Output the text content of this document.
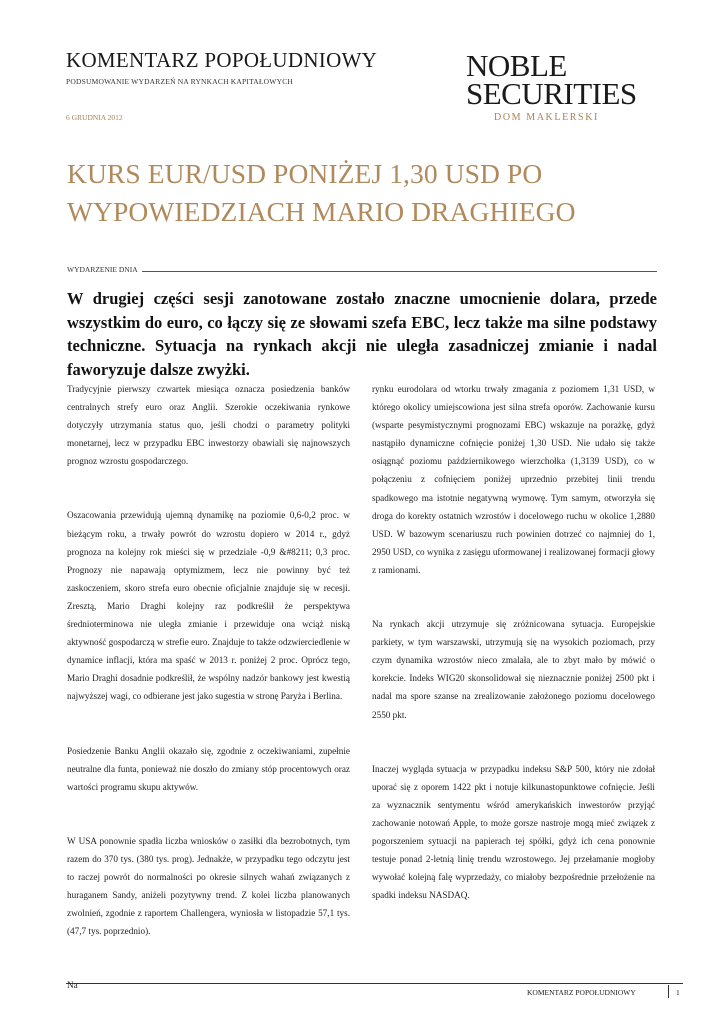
KOMENTARZ POPOŁUDNIOWY
PODSUMOWANIE WYDARZEŃ NA RYNKACH KAPITAŁOWYCH
6 GRUDNIA 2012
NOBLE
SECURITIES
DOM MAKLERSKI
KURS EUR/USD PONIŻEJ 1,30 USD PO
WYPOWIEDZIACH MARIO DRAGHIEGO
WYDARZENIE DNIA
W drugiej części sesji zanotowane zostało znaczne umocnienie dolara, przede wszystkim do euro, co łączy się ze słowami szefa EBC, lecz także ma silne podstawy techniczne. Sytuacja na rynkach akcji nie uległa zasadniczej zmianie i nadal faworyzuje dalsze zwyżki.

Tradycyjnie pierwszy czwartek miesiąca oznacza posiedzenia banków centralnych strefy euro oraz Anglii. Szerokie oczekiwania rynkowe dotyczyły utrzymania status quo, jeśli chodzi o parametry polityki monetarnej, lecz w przypadku EBC inwestorzy obawiali się najnowszych prognoz wzrostu gospodarczego.

Oszacowania przewidują ujemną dynamikę na poziomie 0,6-0,2 proc. w bieżącym roku, a trwały powrót do wzrostu dopiero w 2014 r., gdyż prognoza na kolejny rok mieści się w przedziale -0,9 &#8211; 0,3 proc. Prognozy nie napawają optymizmem, lecz nie powinny być też zaskoczeniem, skoro strefa euro obecnie oficjalnie znajduje się w recesji. Zresztą, Mario Draghi kolejny raz podkreślił że perspektywa średnioterminowa nie uległa zmianie i przewiduje ona wciąż niską aktywność gospodarczą w strefie euro. Znajduje to także odzwierciedlenie w dynamice inflacji, która ma spaść w 2013 r. poniżej 2 proc. Oprócz tego, Mario Draghi dosadnie podkreślił, że wspólny nadzór bankowy jest kwestią najwyższej wagi, co odbierane jest jako sugestia w stronę Paryża i Berlina.

Posiedzenie Banku Anglii okazało się, zgodnie z oczekiwaniami, zupełnie neutralne dla funta, ponieważ nie doszło do zmiany stóp procentowych oraz wartości programu skupu aktywów.

W USA ponownie spadła liczba wniosków o zasiłki dla bezrobotnych, tym razem do 370 tys. (380 tys. prog). Jednakże, w przypadku tego odczytu jest to raczej powrót do normalności po okresie silnych wahań związanych z huraganem Sandy, aniżeli pozytywny trend. Z kolei liczba planowanych zwolnień, zgodnie z raportem Challengera, wyniosła w listopadzie 57,1 tys. (47,7 tys. poprzednio).

Na

rynku eurodolara od wtorku trwały zmagania z poziomem 1,31 USD, w którego okolicy umiejscowiona jest silna strefa oporów. Zachowanie kursu (wsparte pesymistycznymi prognozami EBC) wskazuje na porażkę, gdyż nastąpiło dynamiczne cofnięcie poniżej 1,30 USD. Nie udało się także osiągnąć poziomu październikowego wierzchołka (1,3139 USD), co w połączeniu z cofnięciem poniżej uprzednio przebitej linii trendu spadkowego ma istotnie negatywną wymowę. Tym samym, otworzyła się droga do korekty ostatnich wzrostów i docelowego ruchu w okolice 1,2880 USD. W bazowym scenariuszu ruch powinien dotrzeć co najmniej do 1, 2950 USD, co wynika z zasięgu uformowanej i realizowanej formacji głowy z ramionami.

Na rynkach akcji utrzymuje się zróżnicowana sytuacja. Europejskie parkiety, w tym warszawski, utrzymują się na wysokich poziomach, przy czym dynamika wzrostów nieco zmalała, ale to zbyt mało by mówić o korekcie. Indeks WIG20 skonsolidował się nieznacznie poniżej 2500 pkt i nadal ma spore szanse na zrealizowanie założonego poziomu docelowego 2550 pkt.

Inaczej wygląda sytuacja w przypadku indeksu S&P 500, który nie zdołał uporać się z oporem 1422 pkt i notuje kilkunastopunktowe cofnięcie. Jeśli za wyznacznik sentymentu wśród amerykańskich inwestorów przyjąć zachowanie notowań Apple, to może gorsze nastroje mogą mieć związek z pogorszeniem sytuacji na papierach tej spółki, gdyż ich cena ponownie testuje ponad 2-letnią linię trendu wzrostowego. Jej przełamanie mogłoby wywołać kolejną falę wyprzedaży, co miałoby bezpośrednie przełożenie na spadki indeksu NASDAQ.

KOMENTARZ POPOŁUDNIOWY	1
